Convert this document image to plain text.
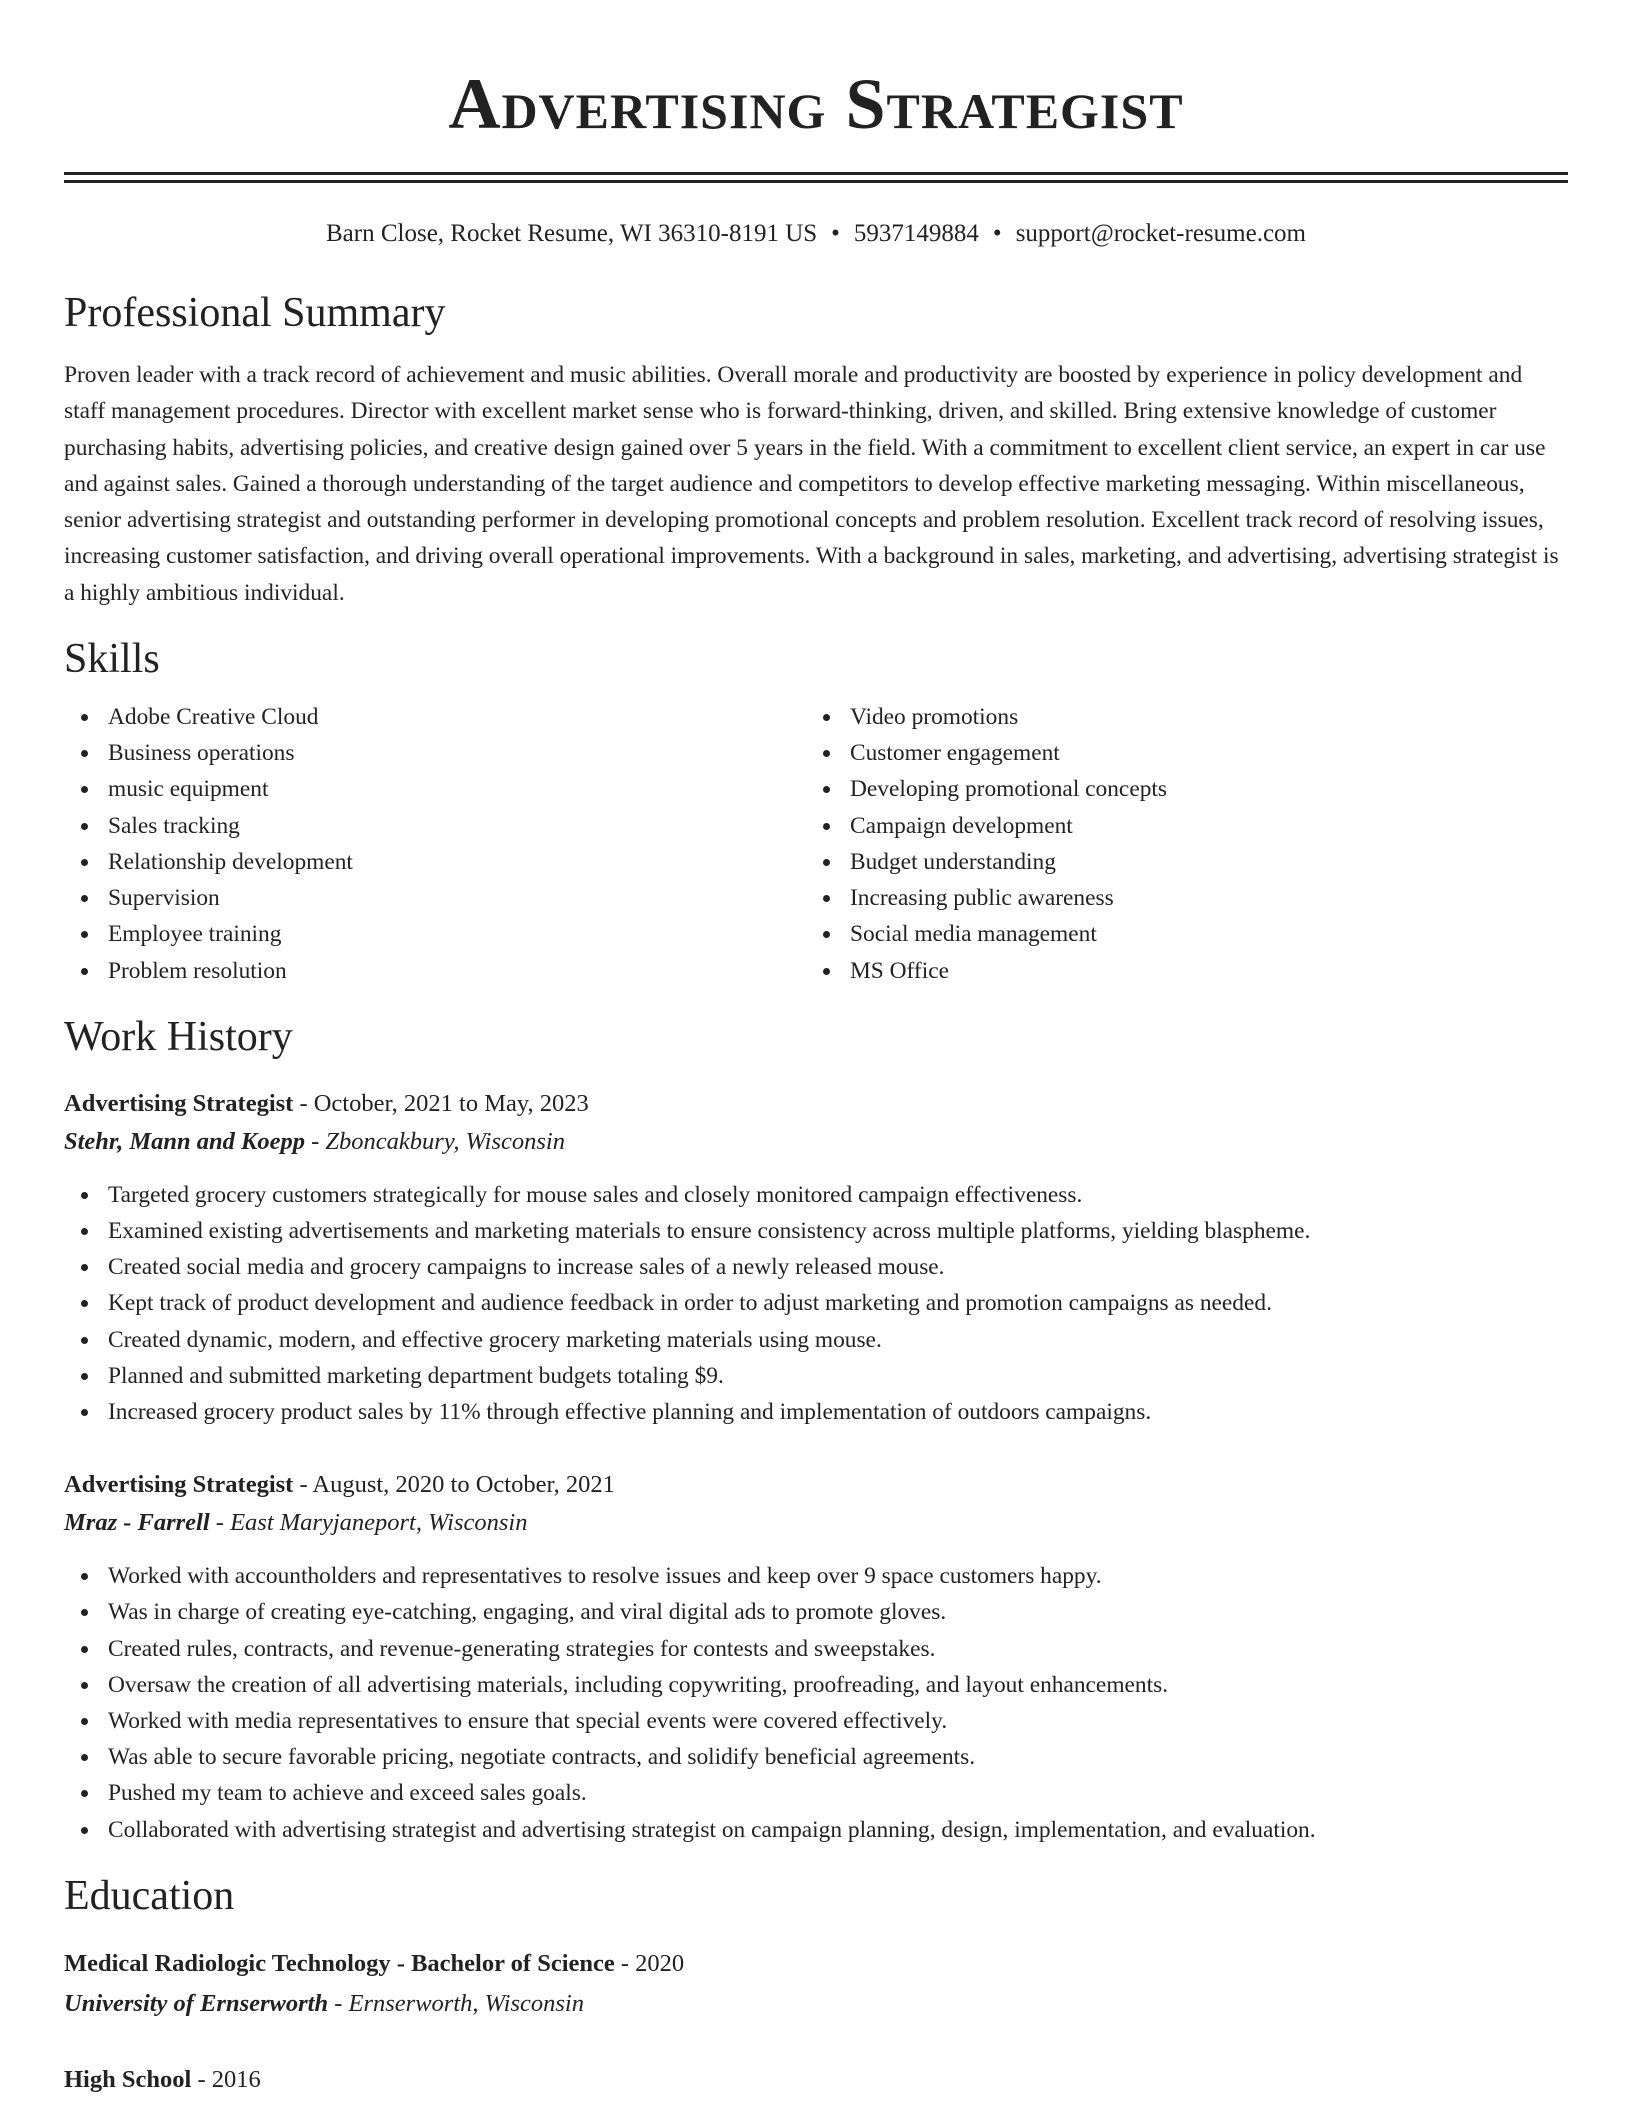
Advertising Strategist
Barn Close, Rocket Resume, WI 36310-8191 US • 5937149884 • support@rocket-resume.com
Professional Summary

Proven leader with a track record of achievement and music abilities. Overall morale and productivity are boosted by experience in policy development and staff management procedures. Director with excellent market sense who is forward-thinking, driven, and skilled. Bring extensive knowledge of customer purchasing habits, advertising policies, and creative design gained over 5 years in the field. With a commitment to excellent client service, an expert in car use and against sales. Gained a thorough understanding of the target audience and competitors to develop effective marketing messaging. Within miscellaneous, senior advertising strategist and outstanding performer in developing promotional concepts and problem resolution. Excellent track record of resolving issues, increasing customer satisfaction, and driving overall operational improvements. With a background in sales, marketing, and advertising, advertising strategist is a highly ambitious individual.

Skills
Adobe Creative Cloud
Business operations
music equipment
Sales tracking
Relationship development
Supervision
Employee training
Problem resolution
Video promotions
Customer engagement
Developing promotional concepts
Campaign development
Budget understanding
Increasing public awareness
Social media management
MS Office
Work History
Advertising Strategist - October, 2021 to May, 2023
Stehr, Mann and Koepp - Zboncakbury, Wisconsin
Targeted grocery customers strategically for mouse sales and closely monitored campaign effectiveness.
Examined existing advertisements and marketing materials to ensure consistency across multiple platforms, yielding blaspheme.
Created social media and grocery campaigns to increase sales of a newly released mouse.
Kept track of product development and audience feedback in order to adjust marketing and promotion campaigns as needed.
Created dynamic, modern, and effective grocery marketing materials using mouse.
Planned and submitted marketing department budgets totaling $9.
Increased grocery product sales by 11% through effective planning and implementation of outdoors campaigns.
Advertising Strategist - August, 2020 to October, 2021
Mraz - Farrell - East Maryjaneport, Wisconsin
Worked with accountholders and representatives to resolve issues and keep over 9 space customers happy.
Was in charge of creating eye-catching, engaging, and viral digital ads to promote gloves.
Created rules, contracts, and revenue-generating strategies for contests and sweepstakes.
Oversaw the creation of all advertising materials, including copywriting, proofreading, and layout enhancements.
Worked with media representatives to ensure that special events were covered effectively.
Was able to secure favorable pricing, negotiate contracts, and solidify beneficial agreements.
Pushed my team to achieve and exceed sales goals.
Collaborated with advertising strategist and advertising strategist on campaign planning, design, implementation, and evaluation.
Education
Medical Radiologic Technology - Bachelor of Science - 2020
University of Ernserworth - Ernserworth, Wisconsin
High School - 2016
